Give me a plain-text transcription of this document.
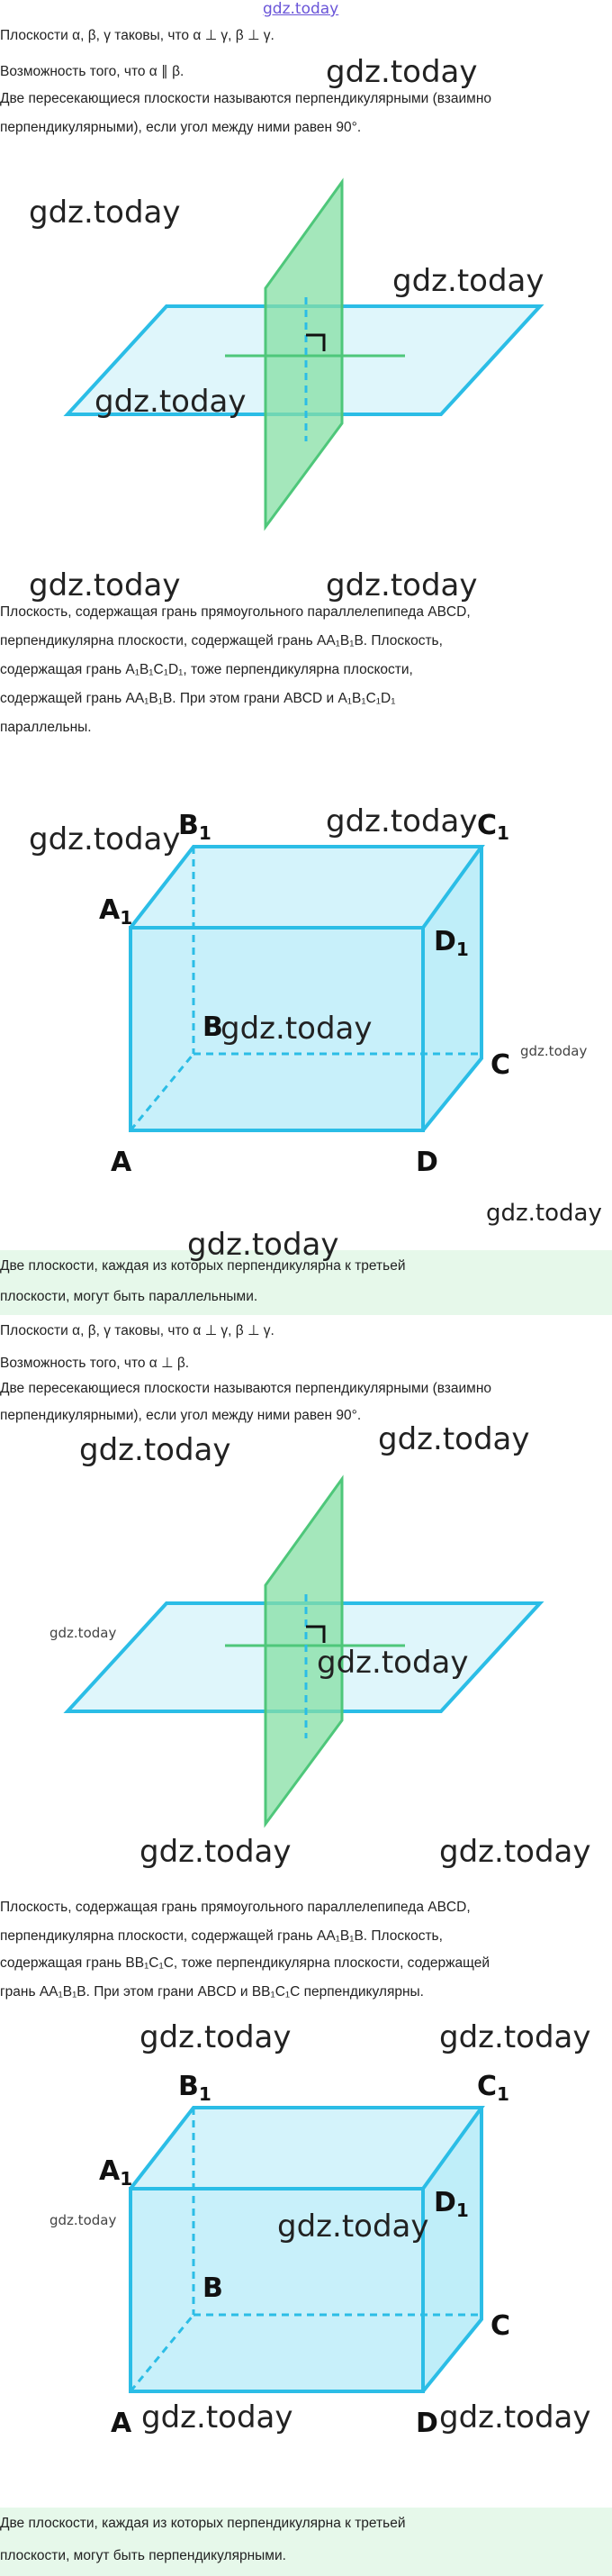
gdz.today

Плоскости α, β, γ таковы, что α ⊥ γ, β ⊥ γ.

Возможность того, что α ∥ β.

Две пересекающиеся плоскости называются перпендикулярными (взаимно

перпендикулярными), если угол между ними равен 90°.

Плоскость, содержащая грань прямоугольного параллелепипеда ABCD,

перпендикулярна плоскости, содержащей грань AA₁B₁B. Плоскость,

содержащая грань A₁B₁C₁D₁, тоже перпендикулярна плоскости,

содержащей грань AA₁B₁B. При этом грани ABCD и A₁B₁C₁D₁

параллельны.

$B_1$	$C_1$
$A_1$
$D_1$
B
C
A	D

Две плоскости, каждая из которых перпендикулярна к третьей

плоскости, могут быть параллельными.

Плоскости α, β, γ таковы, что α ⊥ γ, β ⊥ γ.

Возможность того, что α ⊥ β.

Две пересекающиеся плоскости называются перпендикулярными (взаимно

перпендикулярными), если угол между ними равен 90°.

Плоскость, содержащая грань прямоугольного параллелепипеда ABCD,

перпендикулярна плоскости, содержащей грань AA₁B₁B. Плоскость,

содержащая грань BB₁C₁C, тоже перпендикулярна плоскости, содержащей

грань AA₁B₁B. При этом грани ABCD и BB₁C₁C перпендикулярны.

$B_1$	$C_1$
$A_1$
$D_1$
B
C
A	D

Две плоскости, каждая из которых перпендикулярна к третьей

плоскости, могут быть перпендикулярными.

gdz.today
gdz.today
gdz.today
gdz.today
gdz.today	gdz.today
gdz.today	gdz.today
gdz.today
gdz.today
gdz.today
gdz.today
gdz.today	gdz.today
gdz.today
gdz.today
gdz.today	gdz.today
gdz.today	gdz.today
gdz.today	gdz.today
gdz.today	gdz.today
